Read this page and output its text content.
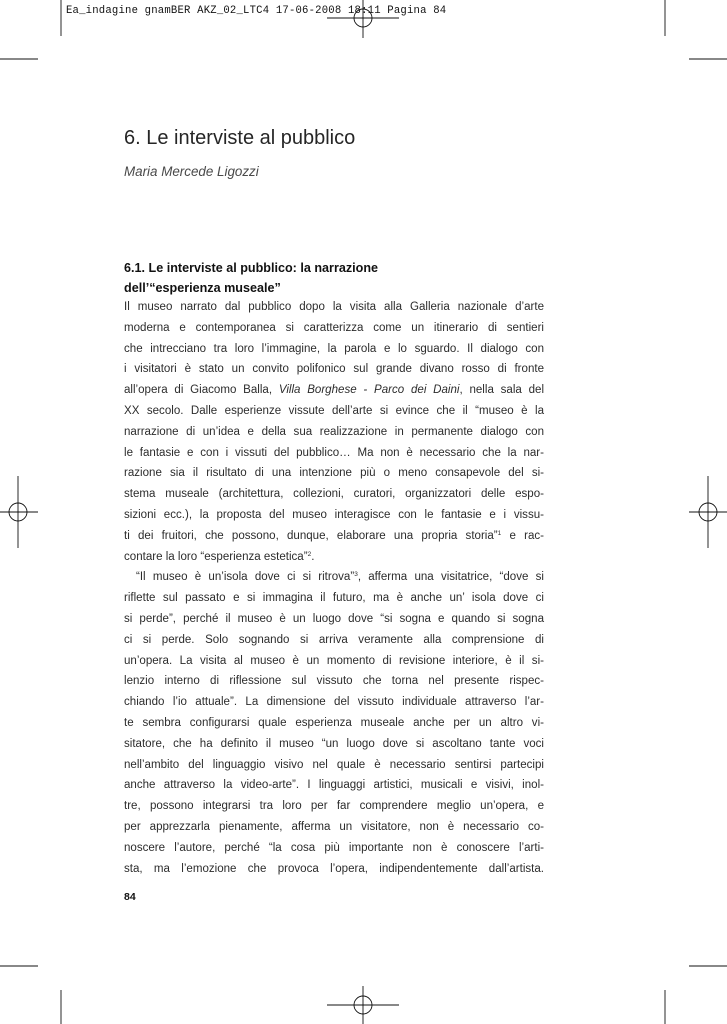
Ea_indagine gnamBER AKZ_02_LTC4 17-06-2008 18:11 Pagina 84

6. Le interviste al pubblico

Maria Mercede Ligozzi

6.1. Le interviste al pubblico: la narrazione
dell’“esperienza museale”
Il museo narrato dal pubblico dopo la visita alla Galleria nazionale d’arte
moderna e contemporanea si caratterizza come un itinerario di sentieri
che intrecciano tra loro l’immagine, la parola e lo sguardo. Il dialogo con
i visitatori è stato un convito polifonico sul grande divano rosso di fronte
all’opera di Giacomo Balla, Villa Borghese - Parco dei Daini, nella sala del
XX secolo. Dalle esperienze vissute dell’arte si evince che il “museo è la
narrazione di un’idea e della sua realizzazione in permanente dialogo con
le fantasie e con i vissuti del pubblico… Ma non è necessario che la nar-
razione sia il risultato di una intenzione più o meno consapevole del si-
stema museale (architettura, collezioni, curatori, organizzatori delle espo-
sizioni ecc.), la proposta del museo interagisce con le fantasie e i vissu-
ti dei fruitori, che possono, dunque, elaborare una propria storia”$^1$ e rac-
contare la loro “esperienza estetica”$^2$.
“Il museo è un’isola dove ci si ritrova”$^3$, afferma una visitatrice, “dove si
riflette sul passato e si immagina il futuro, ma è anche un’ isola dove ci
si perde”, perché il museo è un luogo dove “si sogna e quando si sogna
ci si perde. Solo sognando si arriva veramente alla comprensione di
un’opera. La visita al museo è un momento di revisione interiore, è il si-
lenzio interno di riflessione sul vissuto che torna nel presente rispec-
chiando l’io attuale”. La dimensione del vissuto individuale attraverso l’ar-
te sembra configurarsi quale esperienza museale anche per un altro vi-
sitatore, che ha definito il museo “un luogo dove si ascoltano tante voci
nell’ambito del linguaggio visivo nel quale è necessario sentirsi partecipi
anche attraverso la video-arte”. I linguaggi artistici, musicali e visivi, inol-
tre, possono integrarsi tra loro per far comprendere meglio un’opera, e
per apprezzarla pienamente, afferma un visitatore, non è necessario co-
noscere l’autore, perché “la cosa più importante non è conoscere l’arti-
sta, ma l’emozione che provoca l’opera, indipendentemente dall’artista.

84
